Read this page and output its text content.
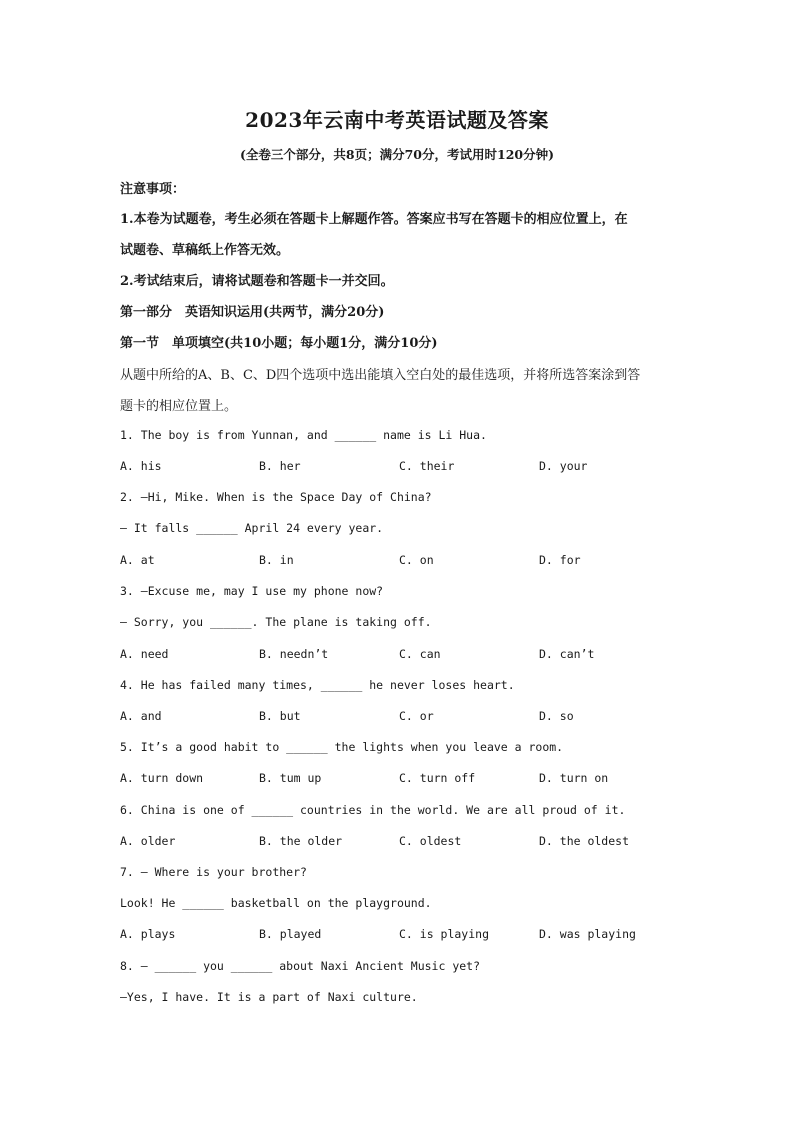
2023年云南中考英语试题及答案
(全卷三个部分，共8页；满分70分，考试用时120分钟)
注意事项：
1.本卷为试题卷，考生必须在答题卡上解题作答。答案应书写在答题卡的相应位置上，在
试题卷、草稿纸上作答无效。
2.考试结束后，请将试题卷和答题卡一并交回。
第一部分　英语知识运用(共两节，满分20分)
第一节　单项填空(共10小题；每小题1分，满分10分)
从题中所给的A、B、C、D四个选项中选出能填入空白处的最佳选项，并将所选答案涂到答
题卡的相应位置上。
1. The boy is from Yunnan, and ______ name is Li Hua.
A. his	B. her	C. their	D. your
2. —Hi, Mike. When is the Space Day of China?
— It falls ______ April 24 every year.
A. at	B. in	C. on	D. for
3. —Excuse me, may I use my phone now?
— Sorry, you ______. The plane is taking off.
A. need	B. needn’t	C. can	D. can’t
4. He has failed many times, ______ he never loses heart.
A. and	B. but	C. or	D. so
5. It’s a good habit to ______ the lights when you leave a room.
A. turn down	B. tum up	C. turn off	D. turn on
6. China is one of ______ countries in the world. We are all proud of it.
A. older	B. the older	C. oldest	D. the oldest
7. — Where is your brother?
Look! He ______ basketball on the playground.
A. plays	B. played	C. is playing	D. was playing
8. — ______ you ______ about Naxi Ancient Music yet?
—Yes, I have. It is a part of Naxi culture.
